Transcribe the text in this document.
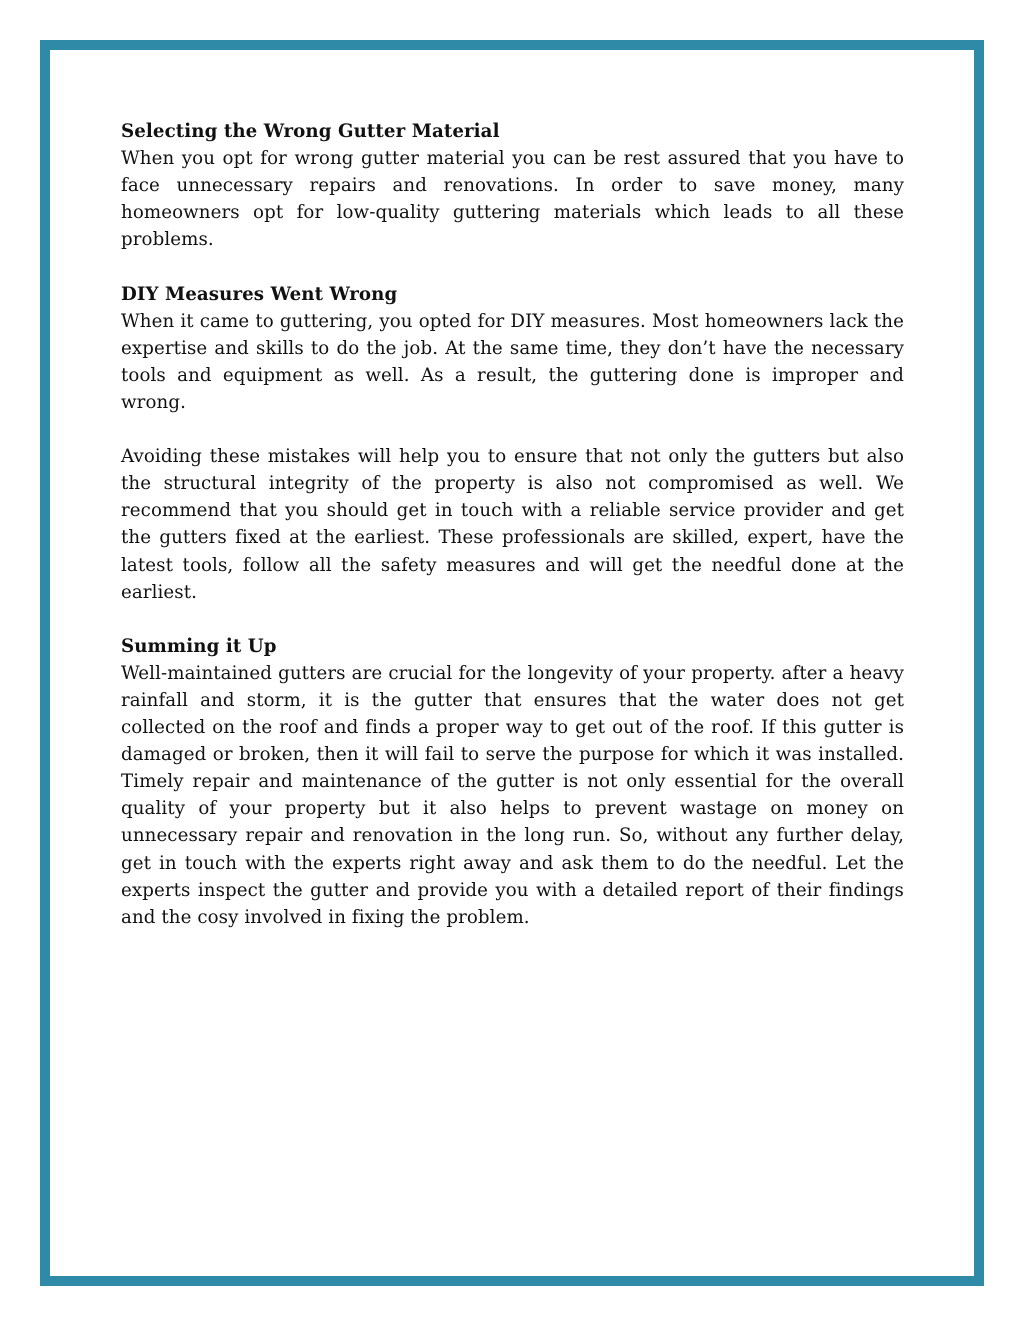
Selecting the Wrong Gutter Material

When you opt for wrong gutter material you can be rest assured that you have to face unnecessary repairs and renovations. In order to save money, many homeowners opt for low-quality guttering materials which leads to all these problems.

DIY Measures Went Wrong

When it came to guttering, you opted for DIY measures. Most homeowners lack the expertise and skills to do the job. At the same time, they don’t have the necessary tools and equipment as well. As a result, the guttering done is improper and wrong.

Avoiding these mistakes will help you to ensure that not only the gutters but also the structural integrity of the property is also not compromised as well. We recommend that you should get in touch with a reliable service provider and get the gutters fixed at the earliest. These professionals are skilled, expert, have the latest tools, follow all the safety measures and will get the needful done at the earliest.

Summing it Up

Well-maintained gutters are crucial for the longevity of your property. after a heavy rainfall and storm, it is the gutter that ensures that the water does not get collected on the roof and finds a proper way to get out of the roof. If this gutter is damaged or broken, then it will fail to serve the purpose for which it was installed. Timely repair and maintenance of the gutter is not only essential for the overall quality of your property but it also helps to prevent wastage on money on unnecessary repair and renovation in the long run. So, without any further delay, get in touch with the experts right away and ask them to do the needful. Let the experts inspect the gutter and provide you with a detailed report of their findings and the cosy involved in fixing the problem.
